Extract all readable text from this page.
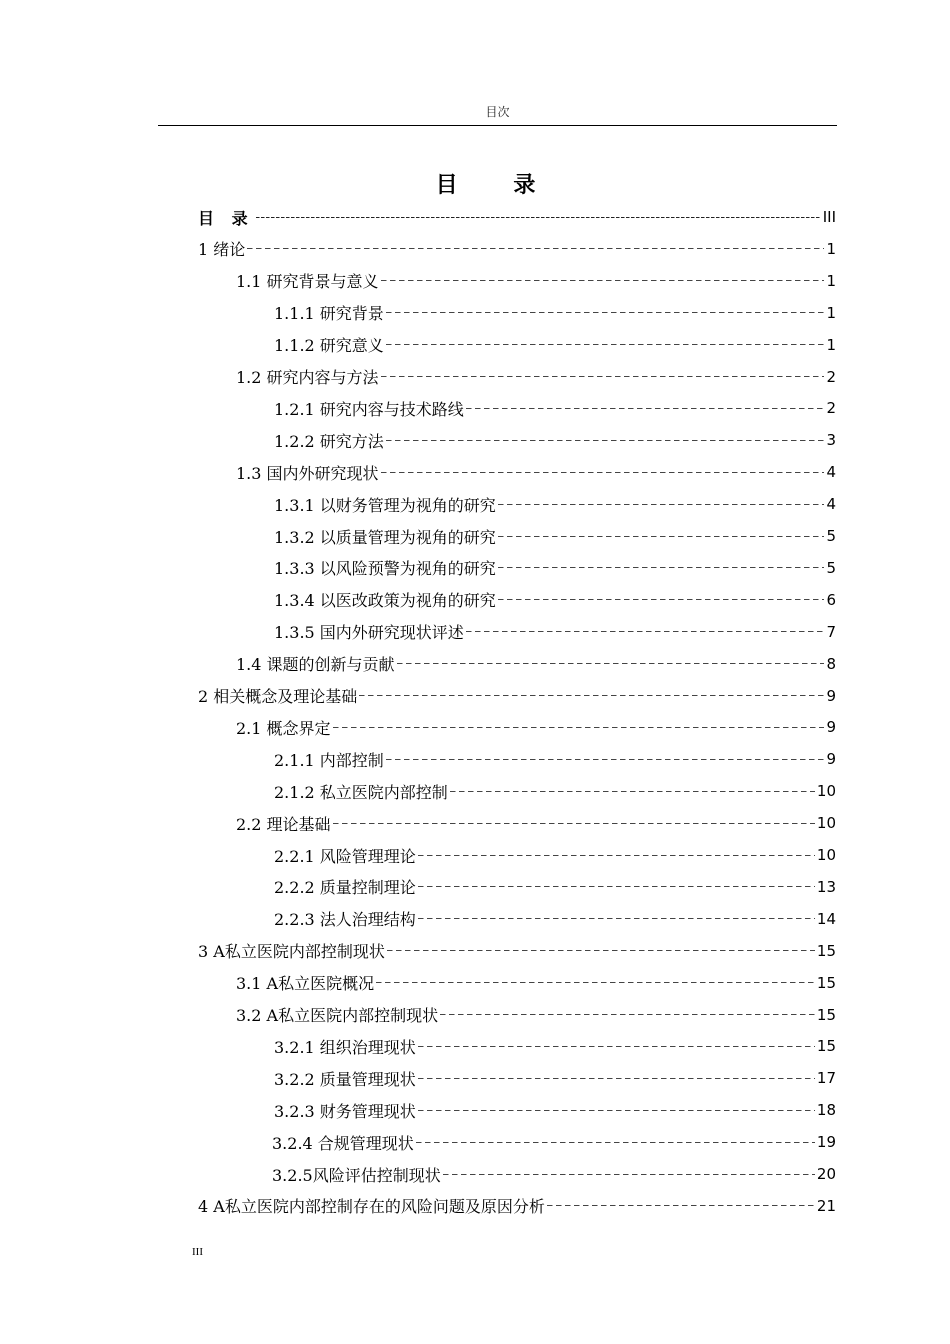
目次
目 录
目 录	III
1 绪论	1
1.1 研究背景与意义	1
1.1.1 研究背景	1
1.1.2 研究意义	1
1.2 研究内容与方法	2
1.2.1 研究内容与技术路线	2
1.2.2 研究方法	3
1.3 国内外研究现状	4
1.3.1 以财务管理为视角的研究	4
1.3.2 以质量管理为视角的研究	5
1.3.3 以风险预警为视角的研究	5
1.3.4 以医改政策为视角的研究	6
1.3.5 国内外研究现状评述	7
1.4 课题的创新与贡献	8
2 相关概念及理论基础	9
2.1 概念界定	9
2.1.1 内部控制	9
2.1.2 私立医院内部控制	10
2.2 理论基础	10
2.2.1 风险管理理论	10
2.2.2 质量控制理论	13
2.2.3 法人治理结构	14
3 A私立医院内部控制现状	15
3.1 A私立医院概况	15
3.2 A私立医院内部控制现状	15
3.2.1 组织治理现状	15
3.2.2 质量管理现状	17
3.2.3 财务管理现状	18
3.2.4 合规管理现状	19
3.2.5风险评估控制现状	20
4 A私立医院内部控制存在的风险问题及原因分析	21
III
